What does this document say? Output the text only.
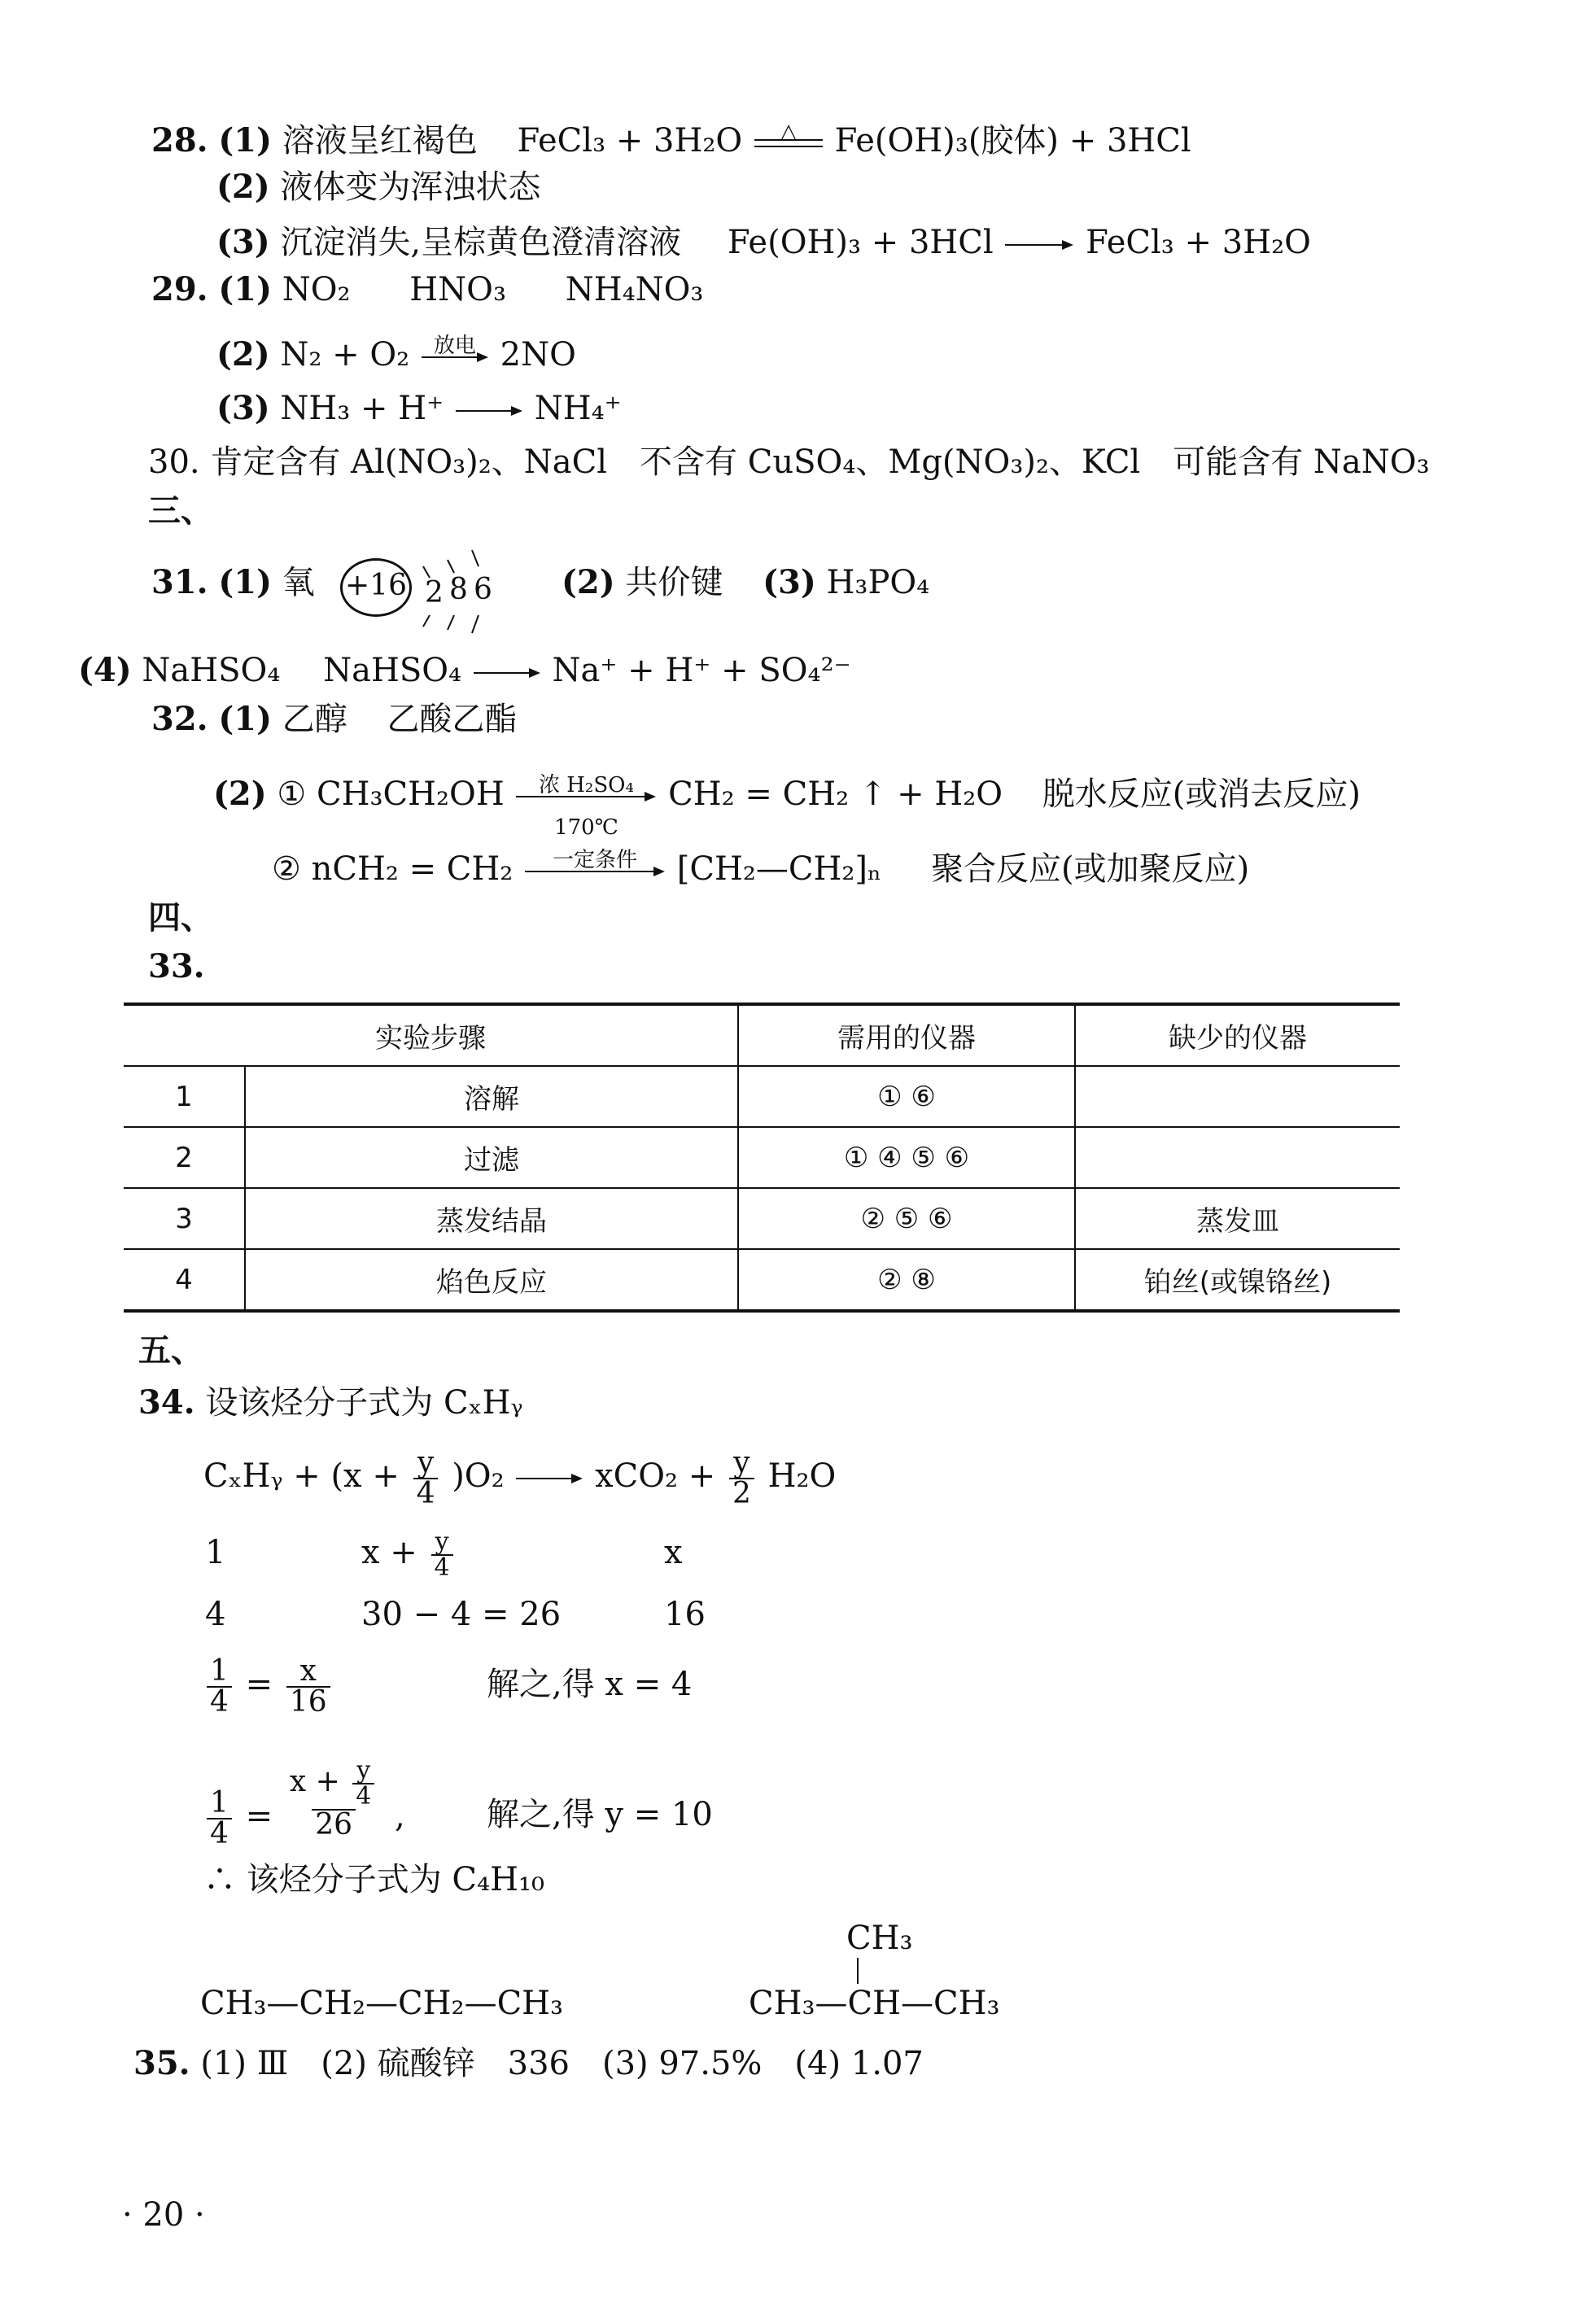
28. (1) 溶液呈红褐色 FeCl₃ + 3H₂O	△	Fe(OH)₃(胶体) + 3HCl
(2) 液体变为浑浊状态
(3) 沉淀消失,呈棕黄色澄清溶液 Fe(OH)₃ + 3HCl	FeCl₃ + 3H₂O
29. (1) NO₂ HNO₃ NH₄NO₃
(2) N₂ + O₂	放电 2NO
(3) NH₃ + H⁺	NH₄⁺
30. 肯定含有 Al(NO₃)₂、NaCl　不含有 CuSO₄、Mg(NO₃)₂、KCl　可能含有 NaNO₃
三、
31. (1) 氧 +16 2 8 6 (2) 共价键 (3) H₃PO₄
(4) NaHSO₄ NaHSO₄	Na⁺ + H⁺ + SO₄²⁻
32. (1) 乙醇 乙酸乙酯
(2) ① CH₃CH₂OH	浓 H₂SO₄
170℃
CH₂ = CH₂ ↑ + H₂O 脱水反应(或消去反应)
② nCH₂ = CH₂	一定条件	[CH₂—CH₂]ₙ 聚合反应(或加聚反应)
四、
33.
实验步骤		需用的仪器	缺少的仪器
1	溶解	① ⑥	
2	过滤	① ④ ⑤ ⑥	
3	蒸发结晶	② ⑤ ⑥	蒸发皿
4	焰色反应	② ⑧	铂丝(或镍铬丝)
五、
34. 设该烃分子式为 CₓHᵧ
CₓHᵧ + $(x + \frac{y}{4} )O_2$	$xCO_2 + \frac{y}{2} H_2O$
1	$x + \frac{y}{4}$	x
4	30 − 4 = 26	16
$\frac{1}{4} = \frac{x}{16}$	解之,得 x = 4
$\frac{1}{4} = \frac{x + \frac{y}{4}}{26}$ ,	解之,得 y = 10
∴ 该烃分子式为 C₄H₁₀
CH₃—CH₂—CH₂—CH₃
CH₃
CH₃—CH—CH₃
35. (1) Ⅲ　(2) 硫酸锌　336　(3) 97.5%　(4) 1.07
· 20 ·
